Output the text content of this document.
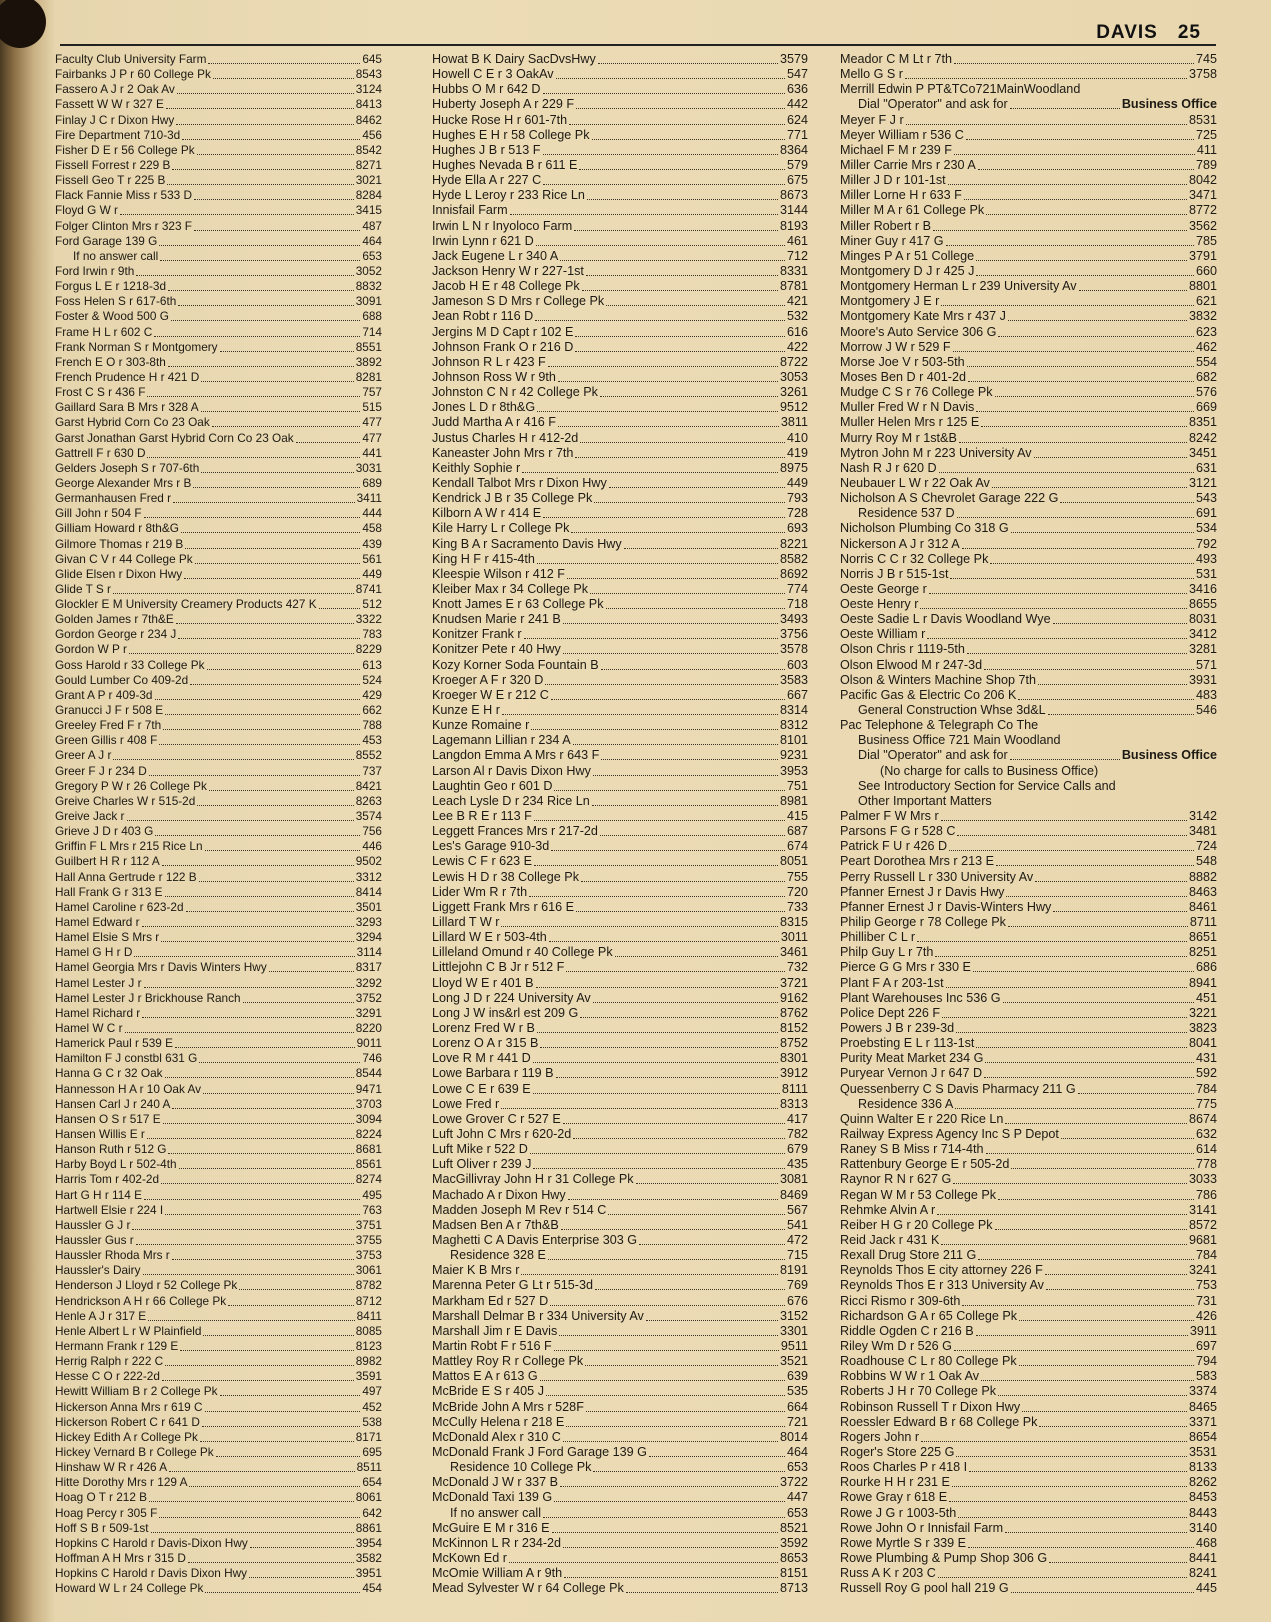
DAVIS 25
Faculty Club University Farm	645
Fairbanks J P r 60 College Pk	8543
Fassero A J r 2 Oak Av	3124
Fassett W W r 327 E	8413
Finlay J C r Dixon Hwy	8462
Fire Department 710-3d	456
Fisher D E r 56 College Pk	8542
Fissell Forrest r 229 B	8271
Fissell Geo T r 225 B	3021
Flack Fannie Miss r 533 D	8284
Floyd G W r	3415
Folger Clinton Mrs r 323 F	487
Ford Garage 139 G	464
If no answer call	653
Ford Irwin r 9th	3052
Forgus L E r 1218-3d	8832
Foss Helen S r 617-6th	3091
Foster & Wood 500 G	688
Frame H L r 602 C	714
Frank Norman S r Montgomery	8551
French E O r 303-8th	3892
French Prudence H r 421 D	8281
Frost C S r 436 F	757
Gaillard Sara B Mrs r 328 A	515
Garst Hybrid Corn Co 23 Oak	477
Garst Jonathan Garst Hybrid Corn Co 23 Oak	477
Gattrell F r 630 D	441
Gelders Joseph S r 707-6th	3031
George Alexander Mrs r B	689
Germanhausen Fred r	3411
Gill John r 504 F	444
Gilliam Howard r 8th&G	458
Gilmore Thomas r 219 B	439
Givan C V r 44 College Pk	561
Glide Elsen r Dixon Hwy	449
Glide T S r	8741
Glockler E M University Creamery Products 427 K	512
Golden James r 7th&E	3322
Gordon George r 234 J	783
Gordon W P r	8229
Goss Harold r 33 College Pk	613
Gould Lumber Co 409-2d	524
Grant A P r 409-3d	429
Granucci J F r 508 E	662
Greeley Fred F r 7th	788
Green Gillis r 408 F	453
Greer A J r	8552
Greer F J r 234 D	737
Gregory P W r 26 College Pk	8421
Greive Charles W r 515-2d	8263
Greive Jack r	3574
Grieve J D r 403 G	756
Griffin F L Mrs r 215 Rice Ln	446
Guilbert H R r 112 A	9502
Hall Anna Gertrude r 122 B	3312
Hall Frank G r 313 E	8414
Hamel Caroline r 623-2d	3501
Hamel Edward r	3293
Hamel Elsie S Mrs r	3294
Hamel G H r D	3114
Hamel Georgia Mrs r Davis Winters Hwy	8317
Hamel Lester J r	3292
Hamel Lester J r Brickhouse Ranch	3752
Hamel Richard r	3291
Hamel W C r	8220
Hamerick Paul r 539 E	9011
Hamilton F J constbl 631 G	746
Hanna G C r 32 Oak	8544
Hannesson H A r 10 Oak Av	9471
Hansen Carl J r 240 A	3703
Hansen O S r 517 E	3094
Hansen Willis E r	8224
Hanson Ruth r 512 G	8681
Harby Boyd L r 502-4th	8561
Harris Tom r 402-2d	8274
Hart G H r 114 E	495
Hartwell Elsie r 224 I	763
Haussler G J r	3751
Haussler Gus r	3755
Haussler Rhoda Mrs r	3753
Haussler's Dairy	3061
Henderson J Lloyd r 52 College Pk	8782
Hendrickson A H r 66 College Pk	8712
Henle A J r 317 E	8411
Henle Albert L r W Plainfield	8085
Hermann Frank r 129 E	8123
Herrig Ralph r 222 C	8982
Hesse C O r 222-2d	3591
Hewitt William B r 2 College Pk	497
Hickerson Anna Mrs r 619 C	452
Hickerson Robert C r 641 D	538
Hickey Edith A r College Pk	8171
Hickey Vernard B r College Pk	695
Hinshaw W R r 426 A	8511
Hitte Dorothy Mrs r 129 A	654
Hoag O T r 212 B	8061
Hoag Percy r 305 F	642
Hoff S B r 509-1st	8861
Hopkins C Harold r Davis-Dixon Hwy	3954
Hoffman A H Mrs r 315 D	3582
Hopkins C Harold r Davis Dixon Hwy	3951
Howard W L r 24 College Pk	454
Howat B K Dairy SacDvsHwy	3579
Howell C E r 3 OakAv	547
Hubbs O M r 642 D	636
Huberty Joseph A r 229 F	442
Hucke Rose H r 601-7th	624
Hughes E H r 58 College Pk	771
Hughes J B r 513 F	8364
Hughes Nevada B r 611 E	579
Hyde Ella A r 227 C	675
Hyde L Leroy r 233 Rice Ln	8673
Innisfail Farm	3144
Irwin L N r Inyoloco Farm	8193
Irwin Lynn r 621 D	461
Jack Eugene L r 340 A	712
Jackson Henry W r 227-1st	8331
Jacob H E r 48 College Pk	8781
Jameson S D Mrs r College Pk	421
Jean Robt r 116 D	532
Jergins M D Capt r 102 E	616
Johnson Frank O r 216 D	422
Johnson R L r 423 F	8722
Johnson Ross W r 9th	3053
Johnston C N r 42 College Pk	3261
Jones L D r 8th&G	9512
Judd Martha A r 416 F	3811
Justus Charles H r 412-2d	410
Kaneaster John Mrs r 7th	419
Keithly Sophie r	8975
Kendall Talbot Mrs r Dixon Hwy	449
Kendrick J B r 35 College Pk	793
Kilborn A W r 414 E	728
Kile Harry L r College Pk	693
King B A r Sacramento Davis Hwy	8221
King H F r 415-4th	8582
Kleespie Wilson r 412 F	8692
Kleiber Max r 34 College Pk	774
Knott James E r 63 College Pk	718
Knudsen Marie r 241 B	3493
Konitzer Frank r	3756
Konitzer Pete r 40 Hwy	3578
Kozy Korner Soda Fountain B	603
Kroeger A F r 320 D	3583
Kroeger W E r 212 C	667
Kunze E H r	8314
Kunze Romaine r	8312
Lagemann Lillian r 234 A	8101
Langdon Emma A Mrs r 643 F	9231
Larson Al r Davis Dixon Hwy	3953
Laughtin Geo r 601 D	751
Leach Lysle D r 234 Rice Ln	8981
Lee B R E r 113 F	415
Leggett Frances Mrs r 217-2d	687
Les's Garage 910-3d	674
Lewis C F r 623 E	8051
Lewis H D r 38 College Pk	755
Lider Wm R r 7th	720
Liggett Frank Mrs r 616 E	733
Lillard T W r	8315
Lillard W E r 503-4th	3011
Lilleland Omund r 40 College Pk	3461
Littlejohn C B Jr r 512 F	732
Lloyd W E r 401 B	3721
Long J D r 224 University Av	9162
Long J W ins&rl est 209 G	8762
Lorenz Fred W r B	8152
Lorenz O A r 315 B	8752
Love R M r 441 D	8301
Lowe Barbara r 119 B	3912
Lowe C E r 639 E	8111
Lowe Fred r	8313
Lowe Grover C r 527 E	417
Luft John C Mrs r 620-2d	782
Luft Mike r 522 D	679
Luft Oliver r 239 J	435
MacGillivray John H r 31 College Pk	3081
Machado A r Dixon Hwy	8469
Madden Joseph M Rev r 514 C	567
Madsen Ben A r 7th&B	541
Maghetti C A Davis Enterprise 303 G	472
Residence 328 E	715
Maier K B Mrs r	8191
Marenna Peter G Lt r 515-3d	769
Markham Ed r 527 D	676
Marshall Delmar B r 334 University Av	3152
Marshall Jim r E Davis	3301
Martin Robt F r 516 F	9511
Mattley Roy R r College Pk	3521
Mattos E A r 613 G	639
McBride E S r 405 J	535
McBride John A Mrs r 528F	664
McCully Helena r 218 E	721
McDonald Alex r 310 C	8014
McDonald Frank J Ford Garage 139 G	464
Residence 10 College Pk	653
McDonald J W r 337 B	3722
McDonald Taxi 139 G	447
If no answer call	653
McGuire E M r 316 E	8521
McKinnon L R r 234-2d	3592
McKown Ed r	8653
McOmie William A r 9th	8151
Mead Sylvester W r 64 College Pk	8713
Meador C M Lt r 7th	745
Mello G S r	3758
Merrill Edwin P PT&TCo721MainWoodland
Dial "Operator" and ask for	Business Office
Meyer F J r	8531
Meyer William r 536 C	725
Michael F M r 239 F	411
Miller Carrie Mrs r 230 A	789
Miller J D r 101-1st	8042
Miller Lorne H r 633 F	3471
Miller M A r 61 College Pk	8772
Miller Robert r B	3562
Miner Guy r 417 G	785
Minges P A r 51 College	3791
Montgomery D J r 425 J	660
Montgomery Herman L r 239 University Av	8801
Montgomery J E r	621
Montgomery Kate Mrs r 437 J	3832
Moore's Auto Service 306 G	623
Morrow J W r 529 F	462
Morse Joe V r 503-5th	554
Moses Ben D r 401-2d	682
Mudge C S r 76 College Pk	576
Muller Fred W r N Davis	669
Muller Helen Mrs r 125 E	8351
Murry Roy M r 1st&B	8242
Mytron John M r 223 University Av	3451
Nash R J r 620 D	631
Neubauer L W r 22 Oak Av	3121
Nicholson A S Chevrolet Garage 222 G	543
Residence 537 D	691
Nicholson Plumbing Co 318 G	534
Nickerson A J r 312 A	792
Norris C C r 32 College Pk	493
Norris J B r 515-1st	531
Oeste George r	3416
Oeste Henry r	8655
Oeste Sadie L r Davis Woodland Wye	8031
Oeste William r	3412
Olson Chris r 1119-5th	3281
Olson Elwood M r 247-3d	571
Olson & Winters Machine Shop 7th	3931
Pacific Gas & Electric Co 206 K	483
General Construction Whse 3d&L	546
Pac Telephone & Telegraph Co The
Business Office 721 Main Woodland
Dial "Operator" and ask for	Business Office
(No charge for calls to Business Office)
See Introductory Section for Service Calls and
Other Important Matters
Palmer F W Mrs r	3142
Parsons F G r 528 C	3481
Patrick F U r 426 D	724
Peart Dorothea Mrs r 213 E	548
Perry Russell L r 330 University Av	8882
Pfanner Ernest J r Davis Hwy	8463
Pfanner Ernest J r Davis-Winters Hwy	8461
Philip George r 78 College Pk	8711
Philliber C L r	8651
Philp Guy L r 7th	8251
Pierce G G Mrs r 330 E	686
Plant F A r 203-1st	8941
Plant Warehouses Inc 536 G	451
Police Dept 226 F	3221
Powers J B r 239-3d	3823
Proebsting E L r 113-1st	8041
Purity Meat Market 234 G	431
Puryear Vernon J r 647 D	592
Quessenberry C S Davis Pharmacy 211 G	784
Residence 336 A	775
Quinn Walter E r 220 Rice Ln	8674
Railway Express Agency Inc S P Depot	632
Raney S B Miss r 714-4th	614
Rattenbury George E r 505-2d	778
Raynor R N r 627 G	3033
Regan W M r 53 College Pk	786
Rehmke Alvin A r	3141
Reiber H G r 20 College Pk	8572
Reid Jack r 431 K	9681
Rexall Drug Store 211 G	784
Reynolds Thos E city attorney 226 F	3241
Reynolds Thos E r 313 University Av	753
Ricci Rismo r 309-6th	731
Richardson G A r 65 College Pk	426
Riddle Ogden C r 216 B	3911
Riley Wm D r 526 G	697
Roadhouse C L r 80 College Pk	794
Robbins W W r 1 Oak Av	583
Roberts J H r 70 College Pk	3374
Robinson Russell T r Dixon Hwy	8465
Roessler Edward B r 68 College Pk	3371
Rogers John r	8654
Roger's Store 225 G	3531
Roos Charles P r 418 I	8133
Rourke H H r 231 E	8262
Rowe Gray r 618 E	8453
Rowe J G r 1003-5th	8443
Rowe John O r Innisfail Farm	3140
Rowe Myrtle S r 339 E	468
Rowe Plumbing & Pump Shop 306 G	8441
Russ A K r 203 C	8241
Russell Roy G pool hall 219 G	445
